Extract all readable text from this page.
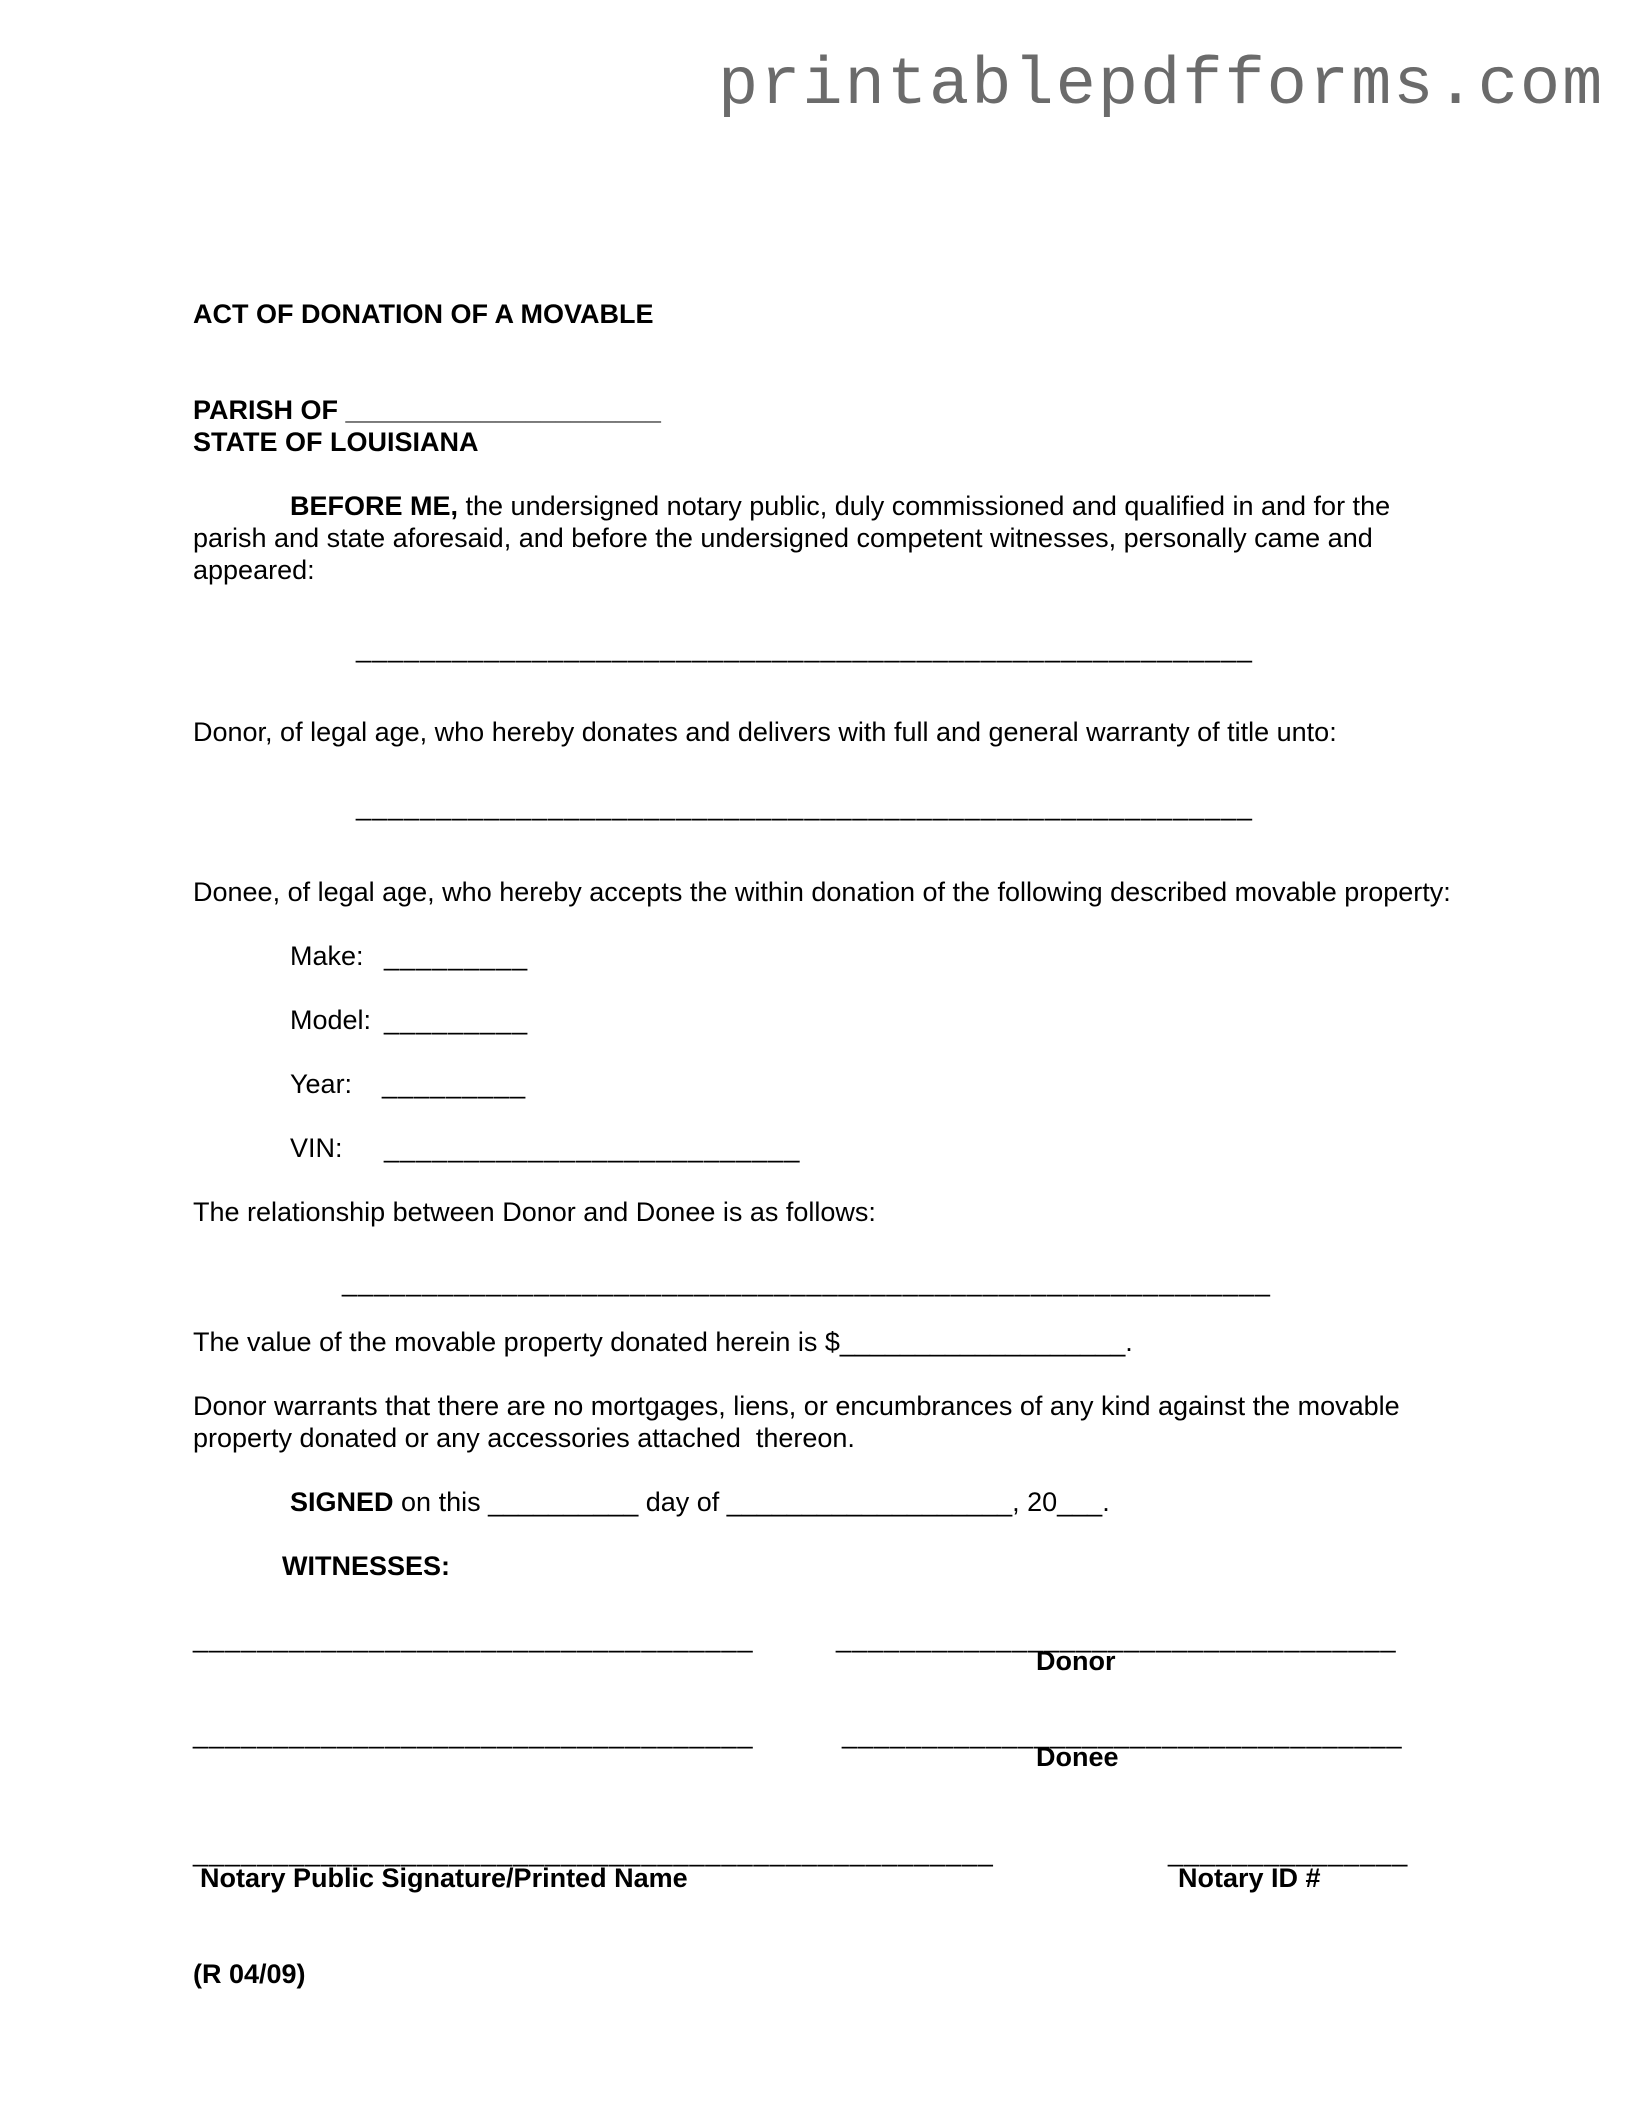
printablepdfforms.com
ACT OF DONATION OF A MOVABLE
PARISH OF _____________________
STATE OF LOUISIANA
BEFORE ME, the undersigned notary public, duly commissioned and qualified in and for the
parish and state aforesaid, and before the undersigned competent witnesses, personally came and
appeared:
________________________________________________________
Donor, of legal age, who hereby donates and delivers with full and general warranty of title unto:
________________________________________________________
Donee, of legal age, who hereby accepts the within donation of the following described movable property:
Make: _________
Model: _________
Year: _________
VIN: __________________________
The relationship between Donor and Donee is as follows:
__________________________________________________________
The value of the movable property donated herein is $___________________.
Donor warrants that there are no mortgages, liens, or encumbrances of any kind against the movable
property donated or any accessories attached  thereon.
SIGNED on this __________ day of ___________________, 20___.
WITNESSES:
___________________________________	___________________________________
Donor
___________________________________	___________________________________
Donee
__________________________________________________	_______________
Notary Public Signature/Printed Name	Notary ID #
(R 04/09)
